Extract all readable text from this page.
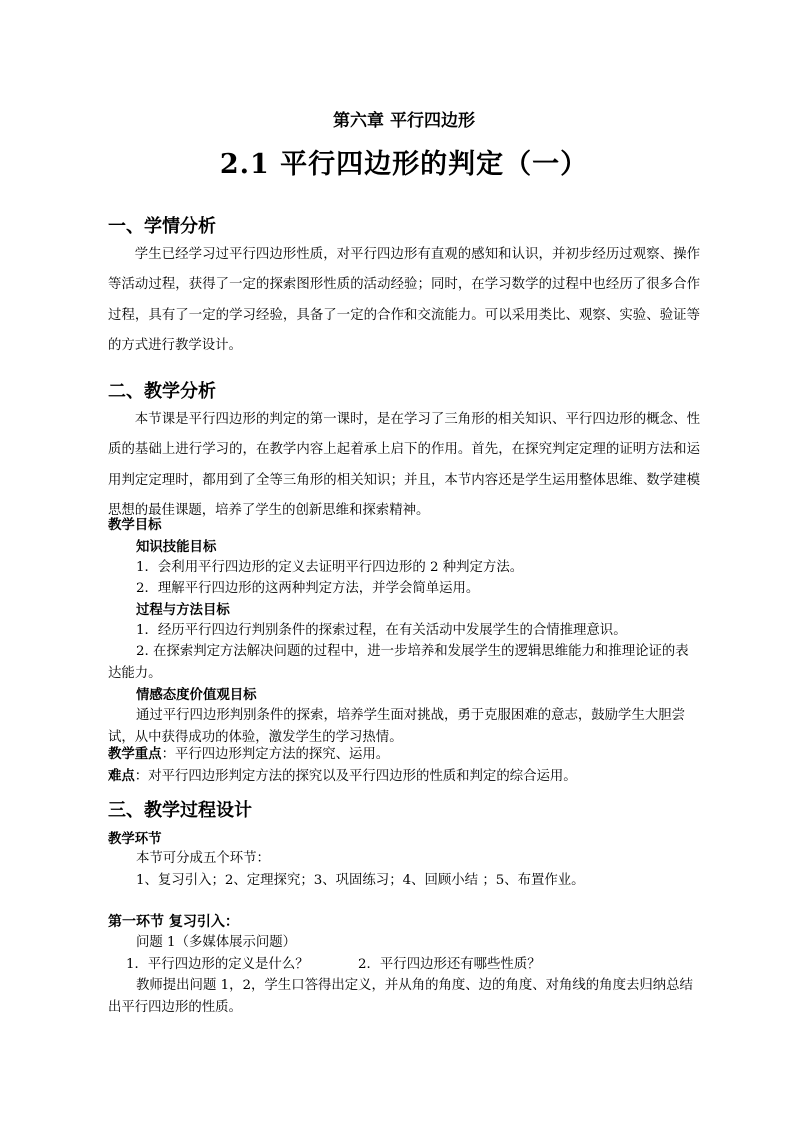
第六章 平行四边形
2.1 平行四边形的判定（一）
一、学情分析
学生已经学习过平行四边形性质，对平行四边形有直观的感知和认识，并初步经历过观察、操作等活动过程，获得了一定的探索图形性质的活动经验；同时，在学习数学的过程中也经历了很多合作过程，具有了一定的学习经验，具备了一定的合作和交流能力。可以采用类比、观察、实验、验证等的方式进行教学设计。
二、教学分析
本节课是平行四边形的判定的第一课时，是在学习了三角形的相关知识、平行四边形的概念、性质的基础上进行学习的，在教学内容上起着承上启下的作用。首先，在探究判定定理的证明方法和运用判定定理时，都用到了全等三角形的相关知识；并且，本节内容还是学生运用整体思维、数学建模思想的最佳课题，培养了学生的创新思维和探索精神。
教学目标
知识技能目标
1．会利用平行四边形的定义去证明平行四边形的 2 种判定方法。
2．理解平行四边形的这两种判定方法，并学会简单运用。
过程与方法目标
1．经历平行四边行判别条件的探索过程，在有关活动中发展学生的合情推理意识。
2. 在探索判定方法解决问题的过程中，进一步培养和发展学生的逻辑思维能力和推理论证的表达能力。
情感态度价值观目标
通过平行四边形判别条件的探索，培养学生面对挑战，勇于克服困难的意志，鼓励学生大胆尝试，从中获得成功的体验，激发学生的学习热情。
教学重点：平行四边形判定方法的探究、运用。
难点：对平行四边形判定方法的探究以及平行四边形的性质和判定的综合运用。
三、教学过程设计
教学环节
本节可分成五个环节：
1、复习引入；2、定理探究；3、巩固练习；4、回顾小结 ；5、布置作业。
第一环节 复习引入：
问题 1（多媒体展示问题）
1．平行四边形的定义是什么？	2．平行四边形还有哪些性质？
教师提出问题 1，2，学生口答得出定义，并从角的角度、边的角度、对角线的角度去归纳总结出平行四边形的性质。
